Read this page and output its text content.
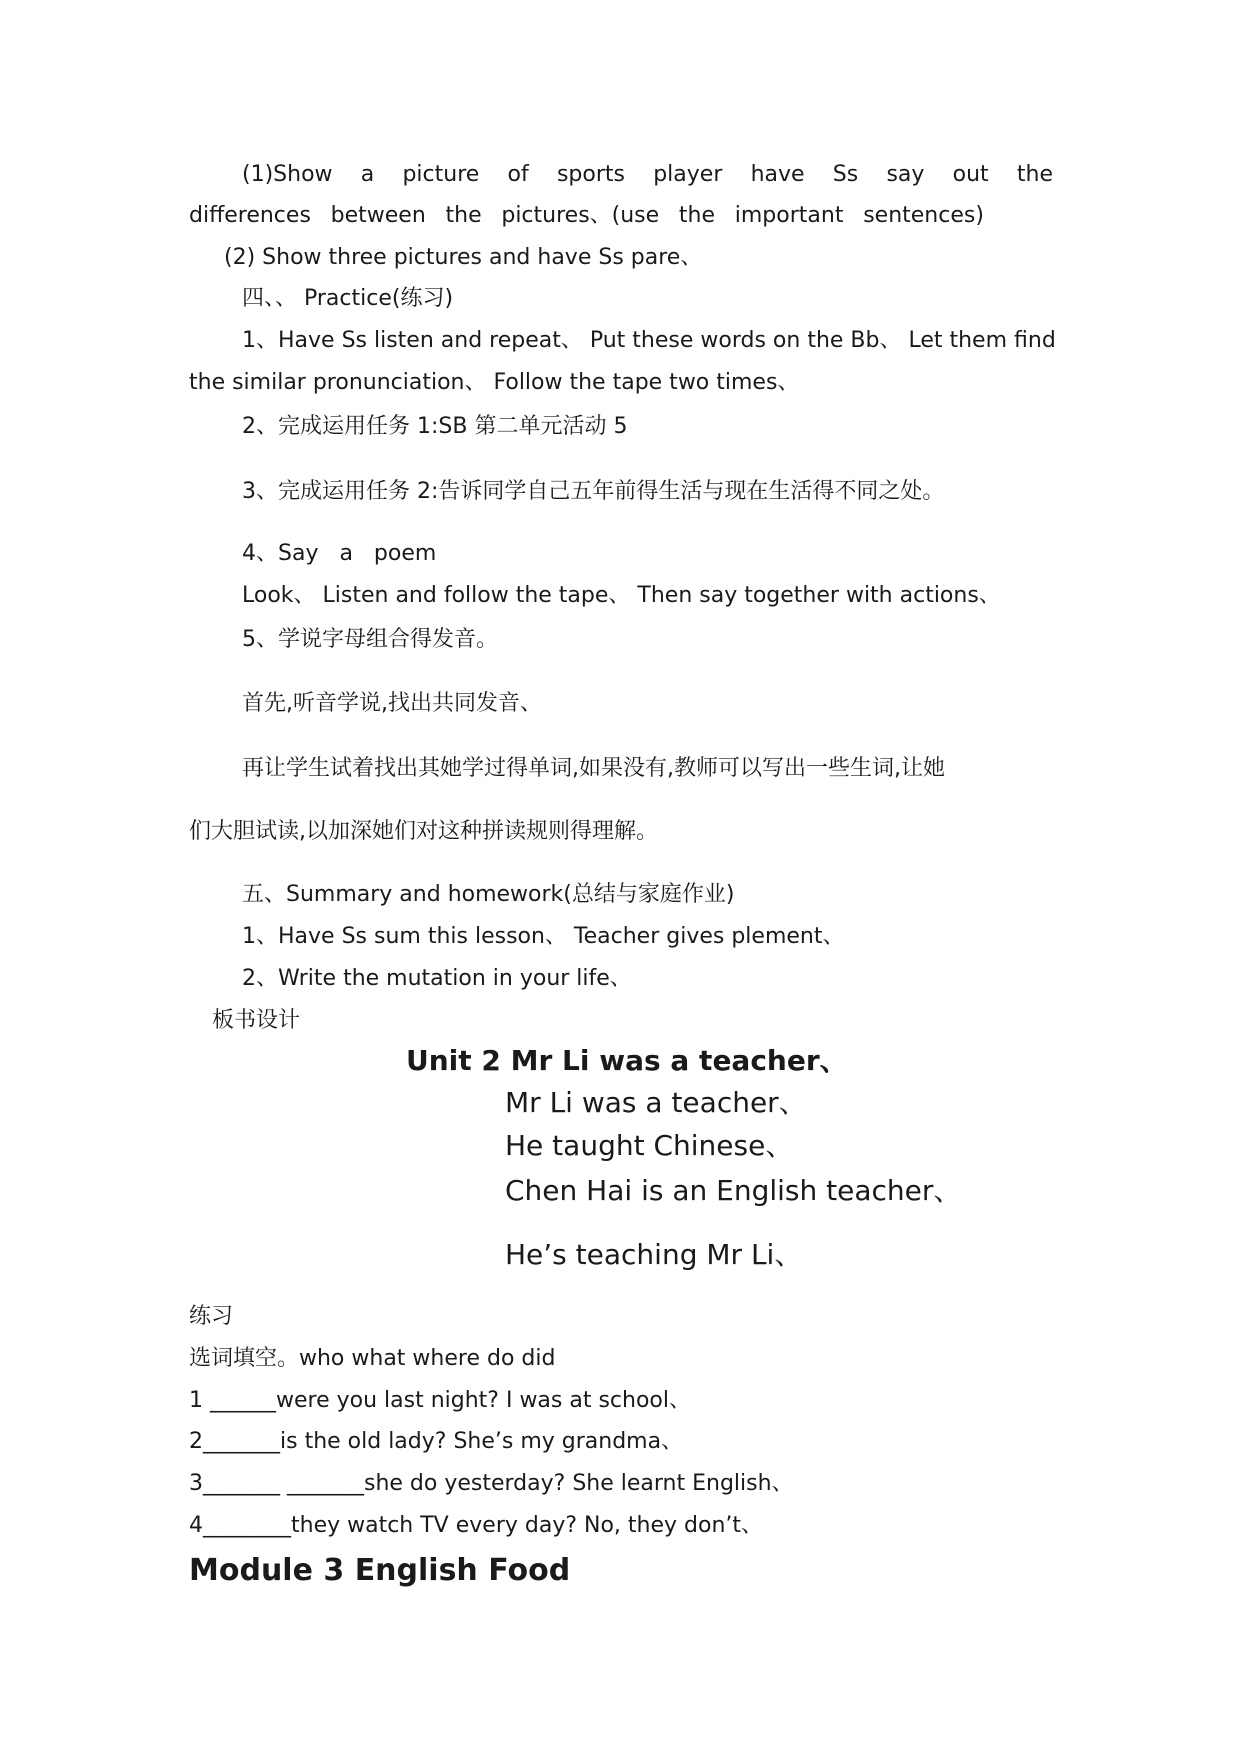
(1)Show a picture of sports player have Ss say out the
differences between the pictures、(use the important sentences)
(2) Show three pictures and have Ss pare、
四、、 Practice(练习)
1、Have Ss listen and repeat、 Put these words on the Bb、 Let them find
the similar pronunciation、 Follow the tape two times、
2、完成运用任务 1:SB 第二单元活动 5
3、完成运用任务 2:告诉同学自己五年前得生活与现在生活得不同之处。
4、Say a poem
Look、 Listen and follow the tape、 Then say together with actions、
5、学说字母组合得发音。
首先,听音学说,找出共同发音、
再让学生试着找出其她学过得单词,如果没有,教师可以写出一些生词,让她
们大胆试读,以加深她们对这种拼读规则得理解。
五、Summary and homework(总结与家庭作业)
1、Have Ss sum this lesson、 Teacher gives plement、
2、Write the mutation in your life、
板书设计
Unit 2 Mr Li was a teacher、
Mr Li was a teacher、
He taught Chinese、
Chen Hai is an English teacher、
He’s teaching Mr Li、
练习
选词填空。who what where do did
1 ______were you last night? I was at school、
2_______is the old lady? She’s my grandma、
3_______ _______she do yesterday? She learnt English、
4________they watch TV every day? No, they don’t、
Module 3 English Food
